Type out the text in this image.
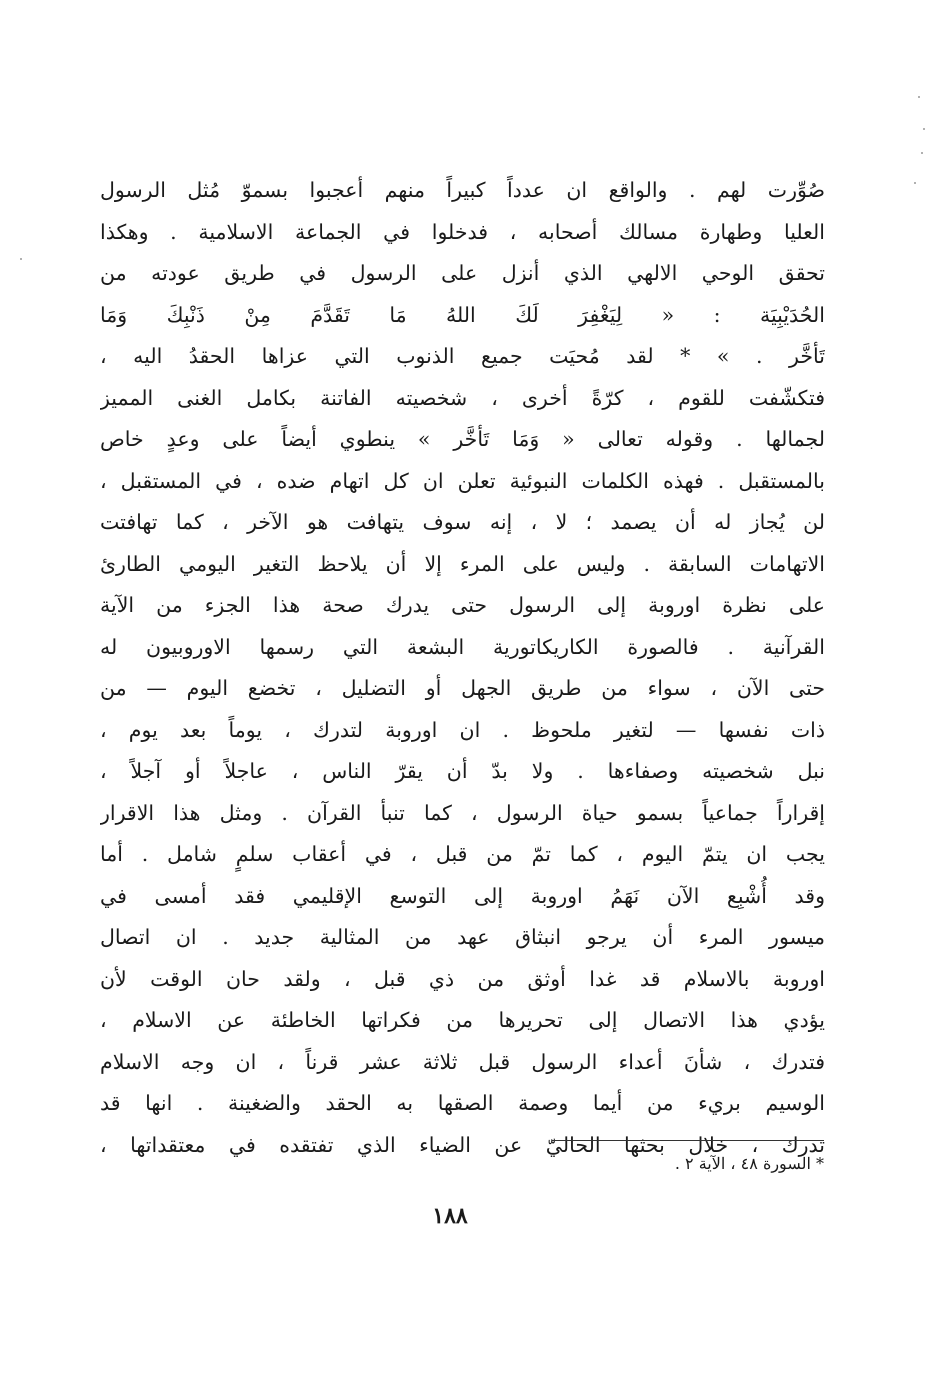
صُوِّرت لهم . والواقع ان عدداً كبيراً منهم أعجبوا بسموّ مُثل الرسول
العليا وطهارة مسالك أصحابه ، فدخلوا في الجماعة الاسلامية . وهكذا
تحقق الوحي الالهي الذي أنزل على الرسول في طريق عودته من
الحُدَيْبِيَة : « لِيَغْفِرَ لَكَ اللهُ مَا تَقَدَّمَ مِنْ ذَنْبِكَ وَمَا
تَأخَّر . » * لقد مُحيَت جميع الذنوب التي عزاها الحقدُ اليه ،
فتكشّفت للقوم ، كرّةً أخرى ، شخصيته الفاتنة بكامل الغنى المميز
لجمالها . وقوله تعالى « وَمَا تَأخَّر » ينطوي أيضاً على وعدٍ خاص
بالمستقبل . فهذه الكلمات النبوئية تعلن ان كل اتهام ضده ، في المستقبل ،
لن يُجاز له أن يصمد ؛ لا ، إنه سوف يتهافت هو الآخر ، كما تهافتت
الاتهامات السابقة . وليس على المرء إلا أن يلاحظ التغير اليومي الطارئ
على نظرة اوروبة إلى الرسول حتى يدرك صحة هذا الجزء من الآية
القرآنية . فالصورة الكاريكاتورية البشعة التي رسمها الاوروبيون له
حتى الآن ، سواء من طريق الجهل أو التضليل ، تخضع اليوم — من
ذات نفسها — لتغير ملحوظ . ان اوروبة لتدرك ، يوماً بعد يوم ،
نبل شخصيته وصفاءها . ولا بدّ أن يقرّ الناس ، عاجلاً أو آجلاً ،
إقراراً جماعياً بسمو حياة الرسول ، كما تنبأ القرآن . ومثل هذا الاقرار
يجب ان يتمّ اليوم ، كما تمّ من قبل ، في أعقاب سلمٍ شامل . أما
وقد أُشْبِع الآن نَهَمُ اوروبة إلى التوسع الإقليمي فقد أمسى في
ميسور المرء أن يرجو انبثاق عهد من المثالية جديد . ان اتصال
اوروبة بالاسلام قد غدا أوثق من ذي قبل ، ولقد حان الوقت لأن
يؤدي هذا الاتصال إلى تحريرها من فكراتها الخاطئة عن الاسلام ،
فتدرك ، شأنَ أعداء الرسول قبل ثلاثة عشر قرناً ، ان وجه الاسلام
الوسيم بريء من أيما وصمة الصقها به الحقد والضغينة . انها قد
تدرك ، خلال بحثها الحاليّ عن الضياء الذي تفتقده في معتقداتها ،
* السورة ٤٨ ، الآية ٢ .
١٨٨
